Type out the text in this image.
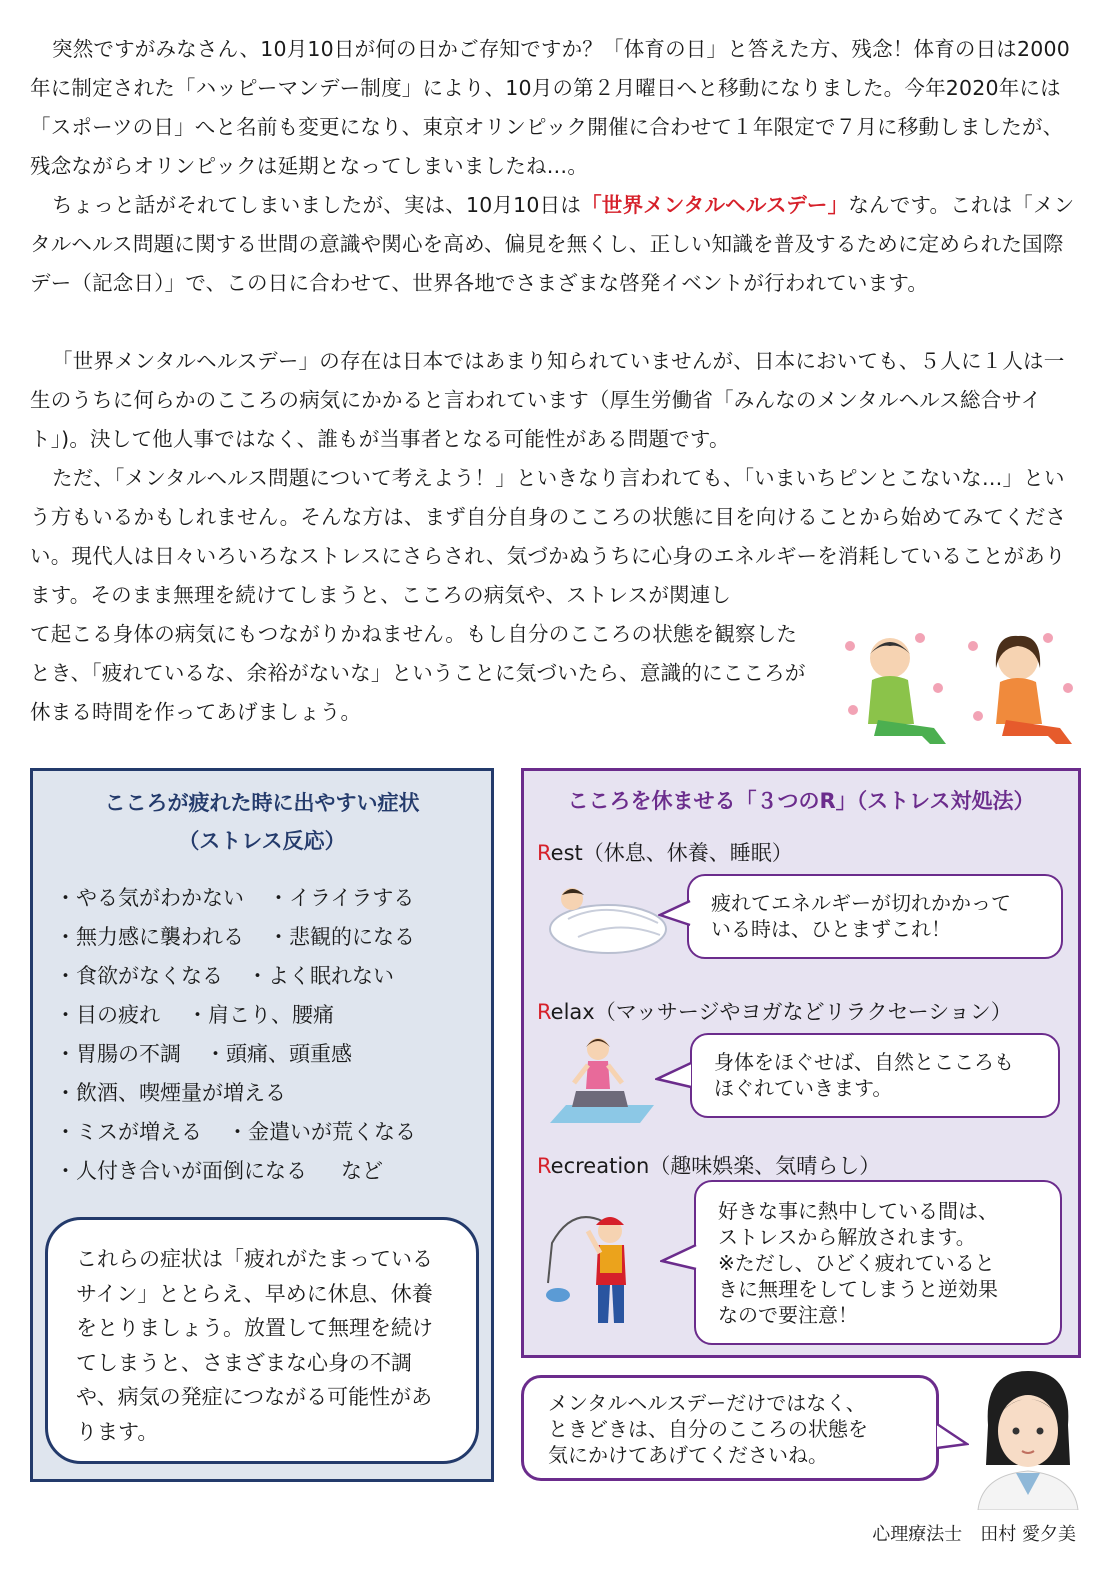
突然ですがみなさん、10月10日が何の日かご存知ですか？「体育の日」と答えた方、残念！体育の日は2000年に制定された「ハッピーマンデー制度」により、10月の第２月曜日へと移動になりました。今年2020年には「スポーツの日」へと名前も変更になり、東京オリンピック開催に合わせて１年限定で７月に移動しましたが、残念ながらオリンピックは延期となってしまいましたね…。

ちょっと話がそれてしまいましたが、実は、10月10日は「世界メンタルヘルスデー」なんです。これは「メンタルヘルス問題に関する世間の意識や関心を高め、偏見を無くし、正しい知識を普及するために定められた国際デー（記念日）」で、この日に合わせて、世界各地でさまざまな啓発イベントが行われています。

「世界メンタルヘルスデー」の存在は日本ではあまり知られていませんが、日本においても、５人に１人は一生のうちに何らかのこころの病気にかかると言われています（厚生労働省「みんなのメンタルヘルス総合サイト」)。決して他人事ではなく、誰もが当事者となる可能性がある問題です。

ただ、「メンタルヘルス問題について考えよう！」といきなり言われても、「いまいちピンとこないな…」という方もいるかもしれません。そんな方は、まず自分自身のこころの状態に目を向けることから始めてみてください。現代人は日々いろいろなストレスにさらされ、気づかぬうちに心身のエネルギーを消耗していることがあります。そのまま無理を続けてしまうと、こころの病気や、ストレスが関連し

て起こる身体の病気にもつながりかねません。もし自分のこころの状態を観察したとき、「疲れているな、余裕がないな」ということに気づいたら、意識的にこころが休まる時間を作ってあげましょう。

こころが疲れた時に出やすい症状

（ストレス反応）

・やる気がわかない ・イライラする
・無力感に襲われる ・悲観的になる
・食欲がなくなる ・よく眠れない
・目の疲れ ・肩こり、腰痛
・胃腸の不調 ・頭痛、頭重感
・飲酒、喫煙量が増える
・ミスが増える ・金遣いが荒くなる
・人付き合いが面倒になる など

これらの症状は「疲れがたまっている

サイン」ととらえ、早めに休息、休養

をとりましょう。放置して無理を続け

てしまうと、さまざまな心身の不調

や、病気の発症につながる可能性があ

ります。

こころを休ませる「３つのR」（ストレス対処法）

Rest（休息、休養、睡眠）

疲れてエネルギーが切れかかって

いる時は、ひとまずこれ！

Relax（マッサージやヨガなどリラクセーション）

身体をほぐせば、自然とこころも

ほぐれていきます。

Recreation（趣味娯楽、気晴らし）

好きな事に熱中している間は、

ストレスから解放されます。

※ただし、ひどく疲れていると

きに無理をしてしまうと逆効果

なので要注意！

メンタルヘルスデーだけではなく、

ときどきは、自分のこころの状態を

気にかけてあげてくださいね。

心理療法士　田村 愛夕美
